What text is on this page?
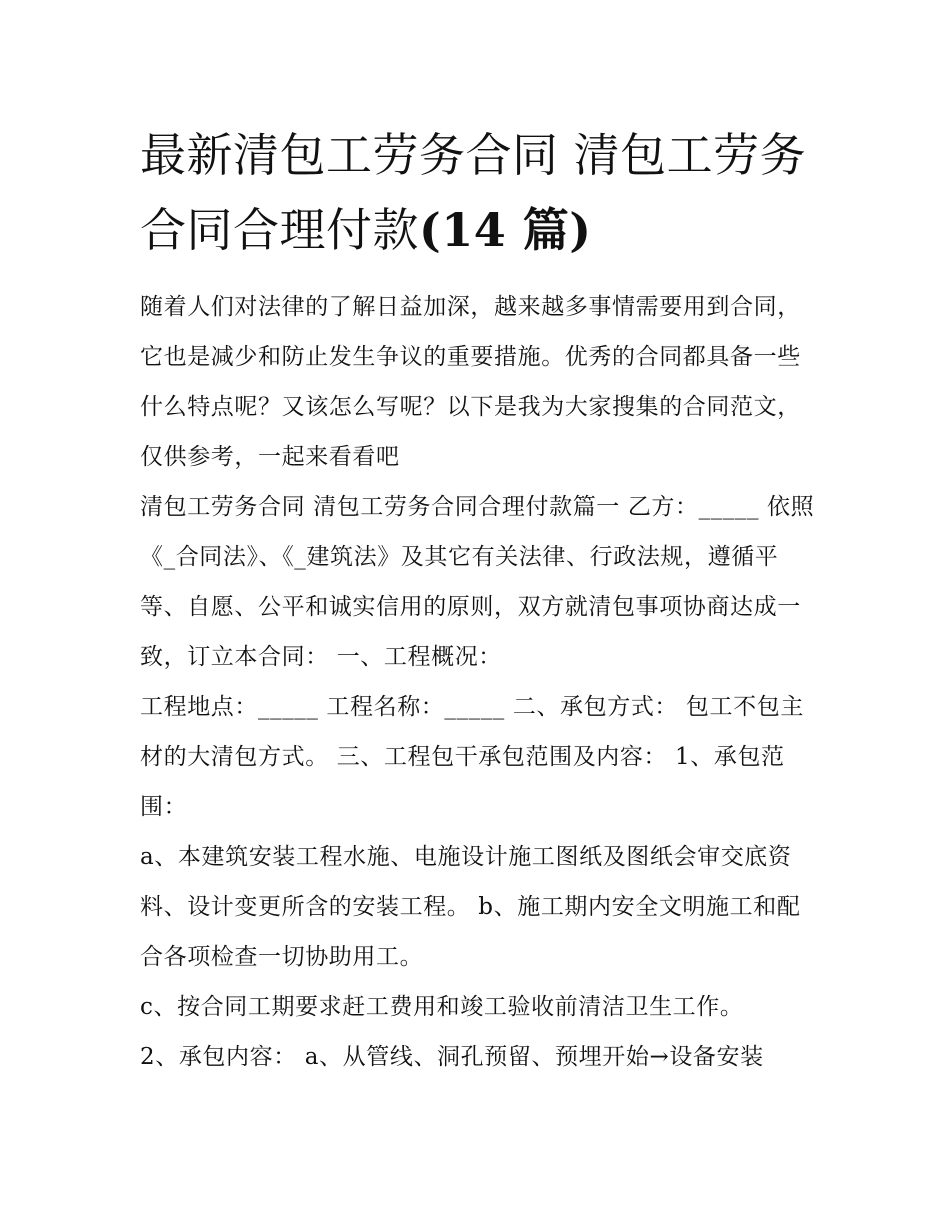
最新清包工劳务合同 清包工劳务合同合理付款(14 篇)

随着人们对法律的了解日益加深，越来越多事情需要用到合同，它也是减少和防止发生争议的重要措施。优秀的合同都具备一些什么特点呢？又该怎么写呢？以下是我为大家搜集的合同范文，仅供参考，一起来看看吧

清包工劳务合同 清包工劳务合同合理付款篇一 乙方：_____ 依照《_合同法》、《_建筑法》及其它有关法律、行政法规，遵循平等、自愿、公平和诚实信用的原则，双方就清包事项协商达成一致，订立本合同： 一、工程概况：

工程地点：_____ 工程名称：_____ 二、承包方式： 包工不包主材的大清包方式。 三、工程包干承包范围及内容： 1、承包范围：

a、本建筑安装工程水施、电施设计施工图纸及图纸会审交底资料、设计变更所含的安装工程。 b、施工期内安全文明施工和配合各项检查一切协助用工。

c、按合同工期要求赶工费用和竣工验收前清洁卫生工作。

2、承包内容： a、从管线、洞孔预留、预埋开始→设备安装
